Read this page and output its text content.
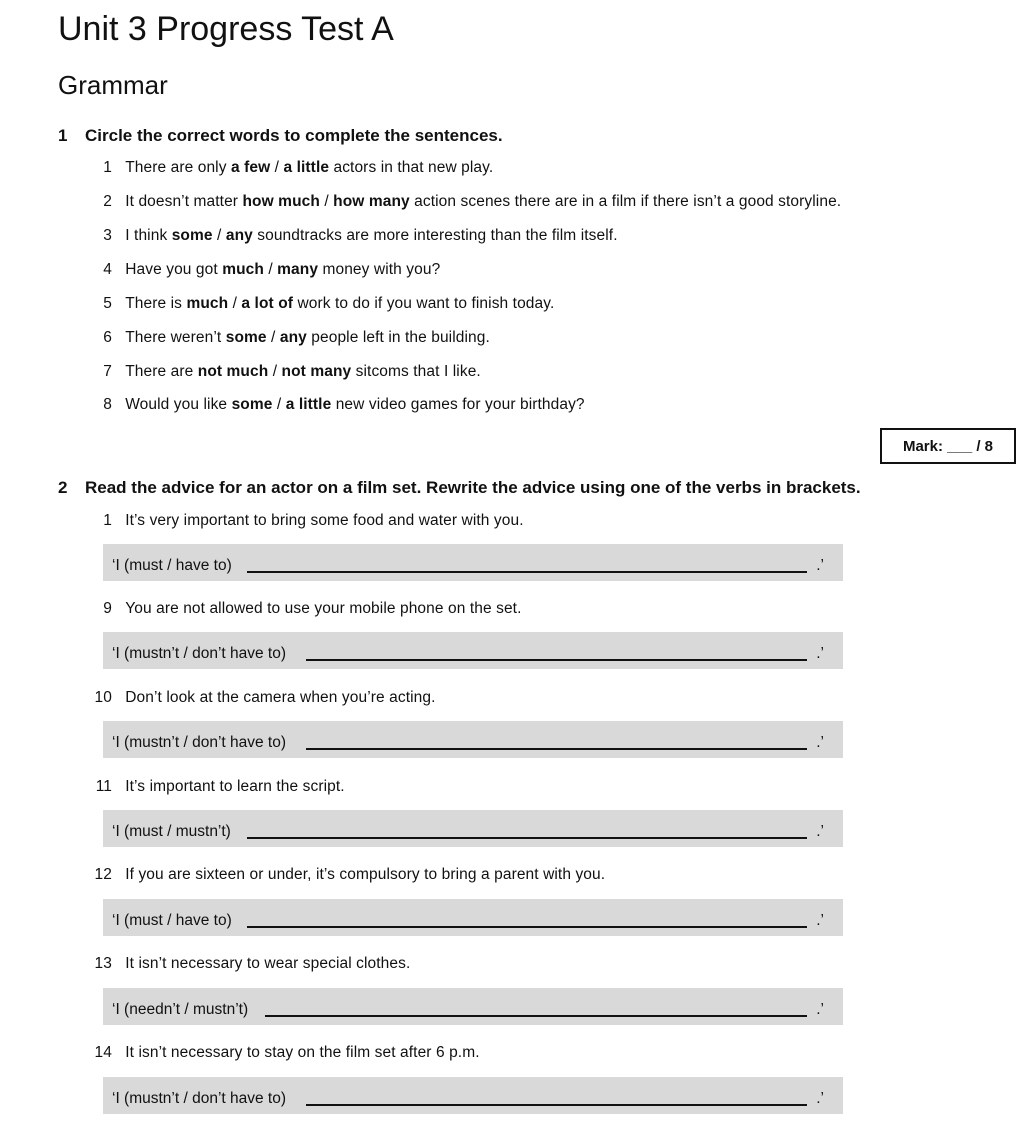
Unit 3 Progress Test A
Grammar
1 Circle the correct words to complete the sentences.
1 There are only a few / a little actors in that new play.
2 It doesn’t matter how much / how many action scenes there are in a film if there isn’t a good storyline.
3 I think some / any soundtracks are more interesting than the film itself.
4 Have you got much / many money with you?
5 There is much / a lot of work to do if you want to finish today.
6 There weren’t some / any people left in the building.
7 There are not much / not many sitcoms that I like.
8 Would you like some / a little new video games for your birthday?
Mark: ___ / 8
2 Read the advice for an actor on a film set. Rewrite the advice using one of the verbs in brackets.
1 It’s very important to bring some food and water with you.
‘I (must / have to)	.’
9 You are not allowed to use your mobile phone on the set.
‘I (mustn’t / don’t have to)	.’
10 Don’t look at the camera when you’re acting.
‘I (mustn’t / don’t have to)	.’
11 It’s important to learn the script.
‘I (must / mustn’t)	.’
12 If you are sixteen or under, it’s compulsory to bring a parent with you.
‘I (must / have to)	.’
13 It isn’t necessary to wear special clothes.
‘I (needn’t / mustn’t)	.’
14 It isn’t necessary to stay on the film set after 6 p.m.
‘I (mustn’t / don’t have to)	.’
